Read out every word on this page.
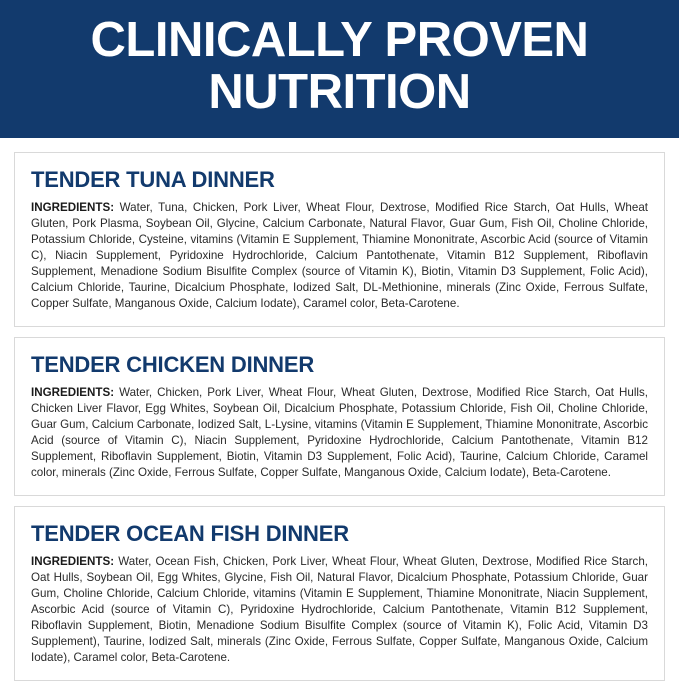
CLINICALLY PROVEN
NUTRITION
TENDER TUNA DINNER

INGREDIENTS: Water, Tuna, Chicken, Pork Liver, Wheat Flour, Dextrose, Modified Rice Starch, Oat Hulls, Wheat Gluten, Pork Plasma, Soybean Oil, Glycine, Calcium Carbonate, Natural Flavor, Guar Gum, Fish Oil, Choline Chloride, Potassium Chloride, Cysteine, vitamins (Vitamin E Supplement, Thiamine Mononitrate, Ascorbic Acid (source of Vitamin C), Niacin Supplement, Pyridoxine Hydrochloride, Calcium Pantothenate, Vitamin B12 Supplement, Riboflavin Supplement, Menadione Sodium Bisulfite Complex (source of Vitamin K), Biotin, Vitamin D3 Supplement, Folic Acid), Calcium Chloride, Taurine, Dicalcium Phosphate, Iodized Salt, DL-Methionine, minerals (Zinc Oxide, Ferrous Sulfate, Copper Sulfate, Manganous Oxide, Calcium Iodate), Caramel color, Beta-Carotene.

TENDER CHICKEN DINNER

INGREDIENTS: Water, Chicken, Pork Liver, Wheat Flour, Wheat Gluten, Dextrose, Modified Rice Starch, Oat Hulls, Chicken Liver Flavor, Egg Whites, Soybean Oil, Dicalcium Phosphate, Potassium Chloride, Fish Oil, Choline Chloride, Guar Gum, Calcium Carbonate, Iodized Salt, L-Lysine, vitamins (Vitamin E Supplement, Thiamine Mononitrate, Ascorbic Acid (source of Vitamin C), Niacin Supplement, Pyridoxine Hydrochloride, Calcium Pantothenate, Vitamin B12 Supplement, Riboflavin Supplement, Biotin, Vitamin D3 Supplement, Folic Acid), Taurine, Calcium Chloride, Caramel color, minerals (Zinc Oxide, Ferrous Sulfate, Copper Sulfate, Manganous Oxide, Calcium Iodate), Beta-Carotene.

TENDER OCEAN FISH DINNER

INGREDIENTS: Water, Ocean Fish, Chicken, Pork Liver, Wheat Flour, Wheat Gluten, Dextrose, Modified Rice Starch, Oat Hulls, Soybean Oil, Egg Whites, Glycine, Fish Oil, Natural Flavor, Dicalcium Phosphate, Potassium Chloride, Guar Gum, Choline Chloride, Calcium Chloride, vitamins (Vitamin E Supplement, Thiamine Mononitrate, Niacin Supplement, Ascorbic Acid (source of Vitamin C), Pyridoxine Hydrochloride, Calcium Pantothenate, Vitamin B12 Supplement, Riboflavin Supplement, Biotin, Menadione Sodium Bisulfite Complex (source of Vitamin K), Folic Acid, Vitamin D3 Supplement), Taurine, Iodized Salt, minerals (Zinc Oxide, Ferrous Sulfate, Copper Sulfate, Manganous Oxide, Calcium Iodate), Caramel color, Beta-Carotene.
